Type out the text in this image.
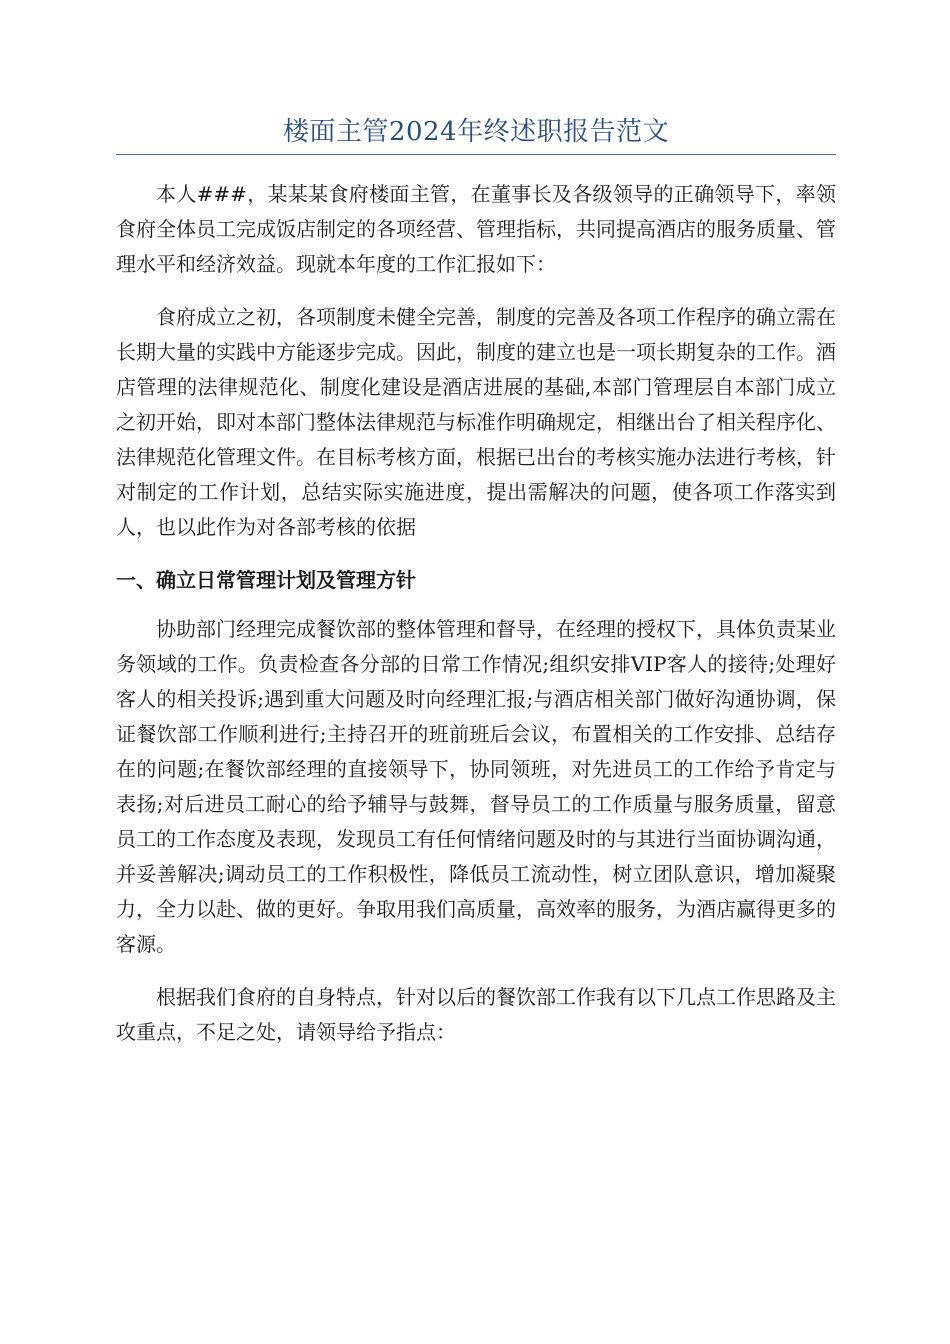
楼面主管2024年终述职报告范文

本人###，某某某食府楼面主管，在董事长及各级领导的正确领导下，率领食府全体员工完成饭店制定的各项经营、管理指标，共同提高酒店的服务质量、管理水平和经济效益。现就本年度的工作汇报如下：

食府成立之初，各项制度未健全完善，制度的完善及各项工作程序的确立需在长期大量的实践中方能逐步完成。因此，制度的建立也是一项长期复杂的工作。酒店管理的法律规范化、制度化建设是酒店进展的基础,本部门管理层自本部门成立之初开始，即对本部门整体法律规范与标准作明确规定，相继出台了相关程序化、法律规范化管理文件。在目标考核方面，根据已出台的考核实施办法进行考核，针对制定的工作计划，总结实际实施进度，提出需解决的问题，使各项工作落实到人，也以此作为对各部考核的依据

一、确立日常管理计划及管理方针

协助部门经理完成餐饮部的整体管理和督导，在经理的授权下，具体负责某业务领域的工作。负责检查各分部的日常工作情况;组织安排VIP客人的接待;处理好客人的相关投诉;遇到重大问题及时向经理汇报;与酒店相关部门做好沟通协调，保证餐饮部工作顺利进行;主持召开的班前班后会议，布置相关的工作安排、总结存在的问题;在餐饮部经理的直接领导下，协同领班，对先进员工的工作给予肯定与表扬;对后进员工耐心的给予辅导与鼓舞，督导员工的工作质量与服务质量，留意员工的工作态度及表现，发现员工有任何情绪问题及时的与其进行当面协调沟通，并妥善解决;调动员工的工作积极性，降低员工流动性，树立团队意识，增加凝聚力，全力以赴、做的更好。争取用我们高质量，高效率的服务，为酒店赢得更多的客源。

根据我们食府的自身特点，针对以后的餐饮部工作我有以下几点工作思路及主攻重点，不足之处，请领导给予指点：
